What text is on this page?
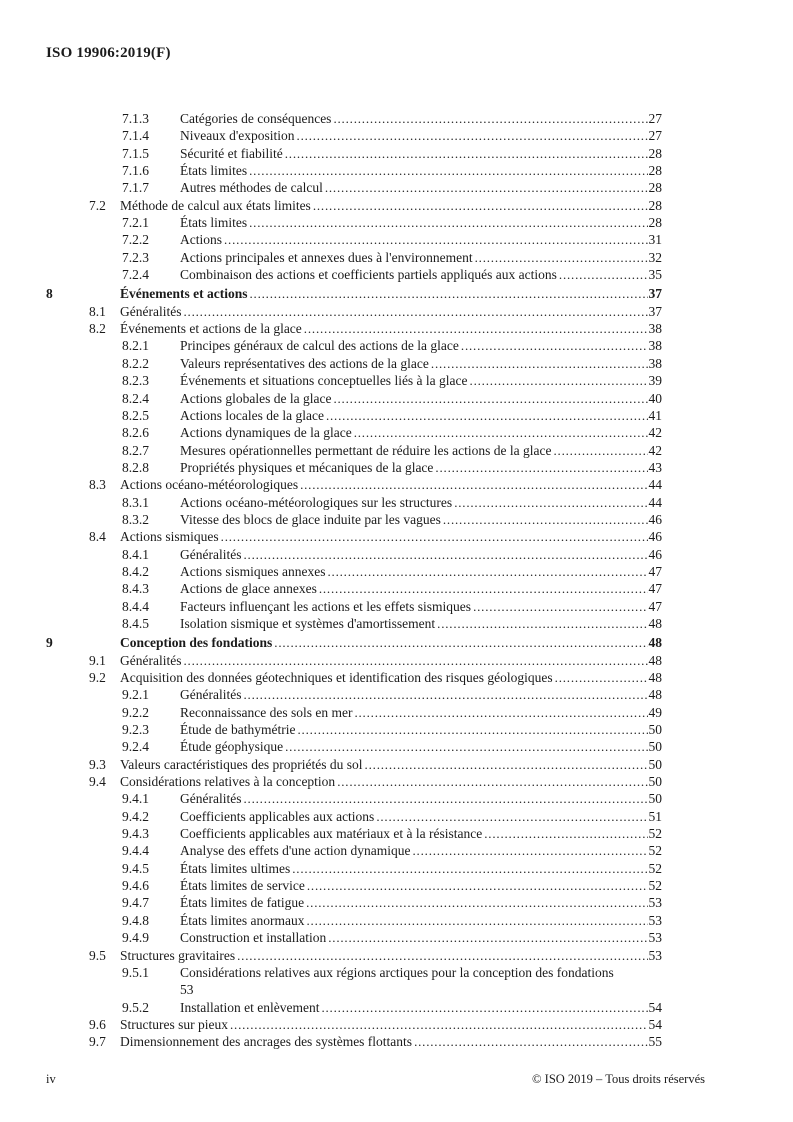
ISO 19906:2019(F)
7.1.3	Catégories de conséquences .....	27
7.1.4	Niveaux d'exposition .....	27
7.1.5	Sécurité et fiabilité .....	28
7.1.6	États limites .....	28
7.1.7	Autres méthodes de calcul .....	28
7.2	Méthode de calcul aux états limites .....	28
7.2.1	États limites .....	28
7.2.2	Actions .....	31
7.2.3	Actions principales et annexes dues à l'environnement .....	32
7.2.4	Combinaison des actions et coefficients partiels appliqués aux actions .....	35
8	Événements et actions .....	37
8.1	Généralités .....	37
8.2	Événements et actions de la glace .....	38
8.2.1	Principes généraux de calcul des actions de la glace .....	38
8.2.2	Valeurs représentatives des actions de la glace .....	38
8.2.3	Événements et situations conceptuelles liés à la glace .....	39
8.2.4	Actions globales de la glace .....	40
8.2.5	Actions locales de la glace .....	41
8.2.6	Actions dynamiques de la glace .....	42
8.2.7	Mesures opérationnelles permettant de réduire les actions de la glace .....	42
8.2.8	Propriétés physiques et mécaniques de la glace .....	43
8.3	Actions océano-météorologiques .....	44
8.3.1	Actions océano-météorologiques sur les structures .....	44
8.3.2	Vitesse des blocs de glace induite par les vagues .....	46
8.4	Actions sismiques .....	46
8.4.1	Généralités .....	46
8.4.2	Actions sismiques annexes .....	47
8.4.3	Actions de glace annexes .....	47
8.4.4	Facteurs influençant les actions et les effets sismiques .....	47
8.4.5	Isolation sismique et systèmes d'amortissement .....	48
9	Conception des fondations .....	48
9.1	Généralités .....	48
9.2	Acquisition des données géotechniques et identification des risques géologiques .....	48
9.2.1	Généralités .....	48
9.2.2	Reconnaissance des sols en mer .....	49
9.2.3	Étude de bathymétrie .....	50
9.2.4	Étude géophysique .....	50
9.3	Valeurs caractéristiques des propriétés du sol .....	50
9.4	Considérations relatives à la conception .....	50
9.4.1	Généralités .....	50
9.4.2	Coefficients applicables aux actions .....	51
9.4.3	Coefficients applicables aux matériaux et à la résistance .....	52
9.4.4	Analyse des effets d'une action dynamique .....	52
9.4.5	États limites ultimes .....	52
9.4.6	États limites de service .....	52
9.4.7	États limites de fatigue .....	53
9.4.8	États limites anormaux .....	53
9.4.9	Construction et installation .....	53
9.5	Structures gravitaires .....	53
9.5.1	Considérations relatives aux régions arctiques pour la conception des fondations
53
9.5.2	Installation et enlèvement .....	54
9.6	Structures sur pieux .....	54
9.7	Dimensionnement des ancrages des systèmes flottants .....	55
iv	© ISO 2019 – Tous droits réservés
